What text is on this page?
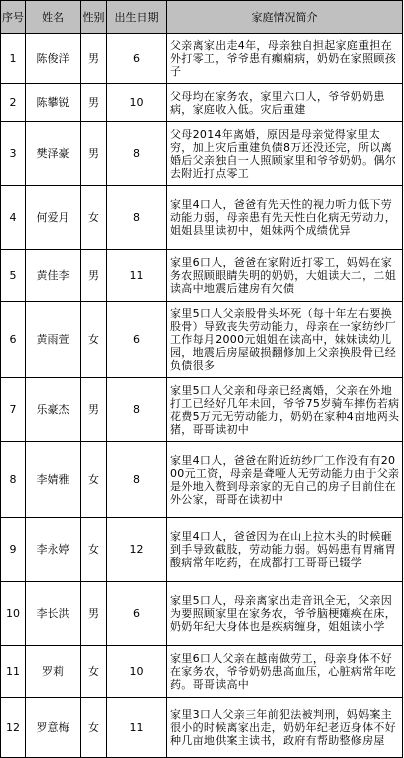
序号	姓名	性别	出生日期	家庭情况简介
1	陈俊洋	男	6	父亲离家出走4年，母亲独自担起家庭重担在外打零工，爷爷患有癫痫病，奶奶在家照顾孩子
2	陈攀锐	男	10	父母均在家务农，家里六口人，爷爷奶奶患病，家庭收入低。灾后重建
3	樊泽豪	男	8	父母2014年离婚，原因是母亲觉得家里太穷，加上灾后重建负债8万还没还完，所以离婚后父亲独自一人照顾家里和爷爷奶奶。偶尔去附近打点零工
4	何爱月	女	8	家里4口人，爸爸有先天性的视力听力低下劳动能力弱，母亲患有先天性白化病无劳动力，姐姐县里读初中，姐妹两个成绩优异
5	黄佳李	男	11	家里6口人，爸爸在家附近打零工，妈妈在家务农照顾眼睛失明的奶奶，大姐读大二，二姐读高中地震后建房有欠债
6	黄雨萱	女	6	家里5口人父亲股骨头坏死（每十年左右要换股骨）导致丧失劳动能力，母亲在一家纺纱厂工作每月2000元姐姐在读高中，妹妹读幼儿园，地震后房屋破损翻修加上父亲换股骨已经负债很多
7	乐豪杰	男	8	家里5口人父亲和母亲已经离婚，父亲在外地打工已经好几年未回，爷爷75岁骑车摔伤若病花费5万元无劳动能力，奶奶在家种4亩地两头猪，哥哥读初中
8	李婧雅	女	8	家里4口人，爸爸在附近纺纱厂工作没有有2000元工资，母亲是聋哑人无劳动能力由于父亲是外地入赘到母亲家的无自己的房子目前住在外公家，哥哥在读初中
9	李永婷	女	12	家里4口人，爸爸因为在山上拉木头的时候砸到手导致截肢，劳动能力弱。妈妈患有胃痛胃酸病常年吃药，在成都打工哥哥已辍学
10	李长洪	男	6	家里5口人，母亲离家出走音讯全无，父亲因为要照顾家里在家务农，爷爷脑梗瘫痪在床，奶奶年纪大身体也是疾病缠身，姐姐读小学
11	罗莉	女	10	家里6口人父亲在越南做劳工，母亲身体不好在家务农，爷爷奶奶患高血压，心脏病常年吃药。哥哥读高中
12	罗意梅	女	11	家里3口人父亲三年前犯法被判刑，妈妈案主很小的时候离家出走，奶奶年纪老迈身体不好种几亩地供案主读书，政府有帮助整修房屋
